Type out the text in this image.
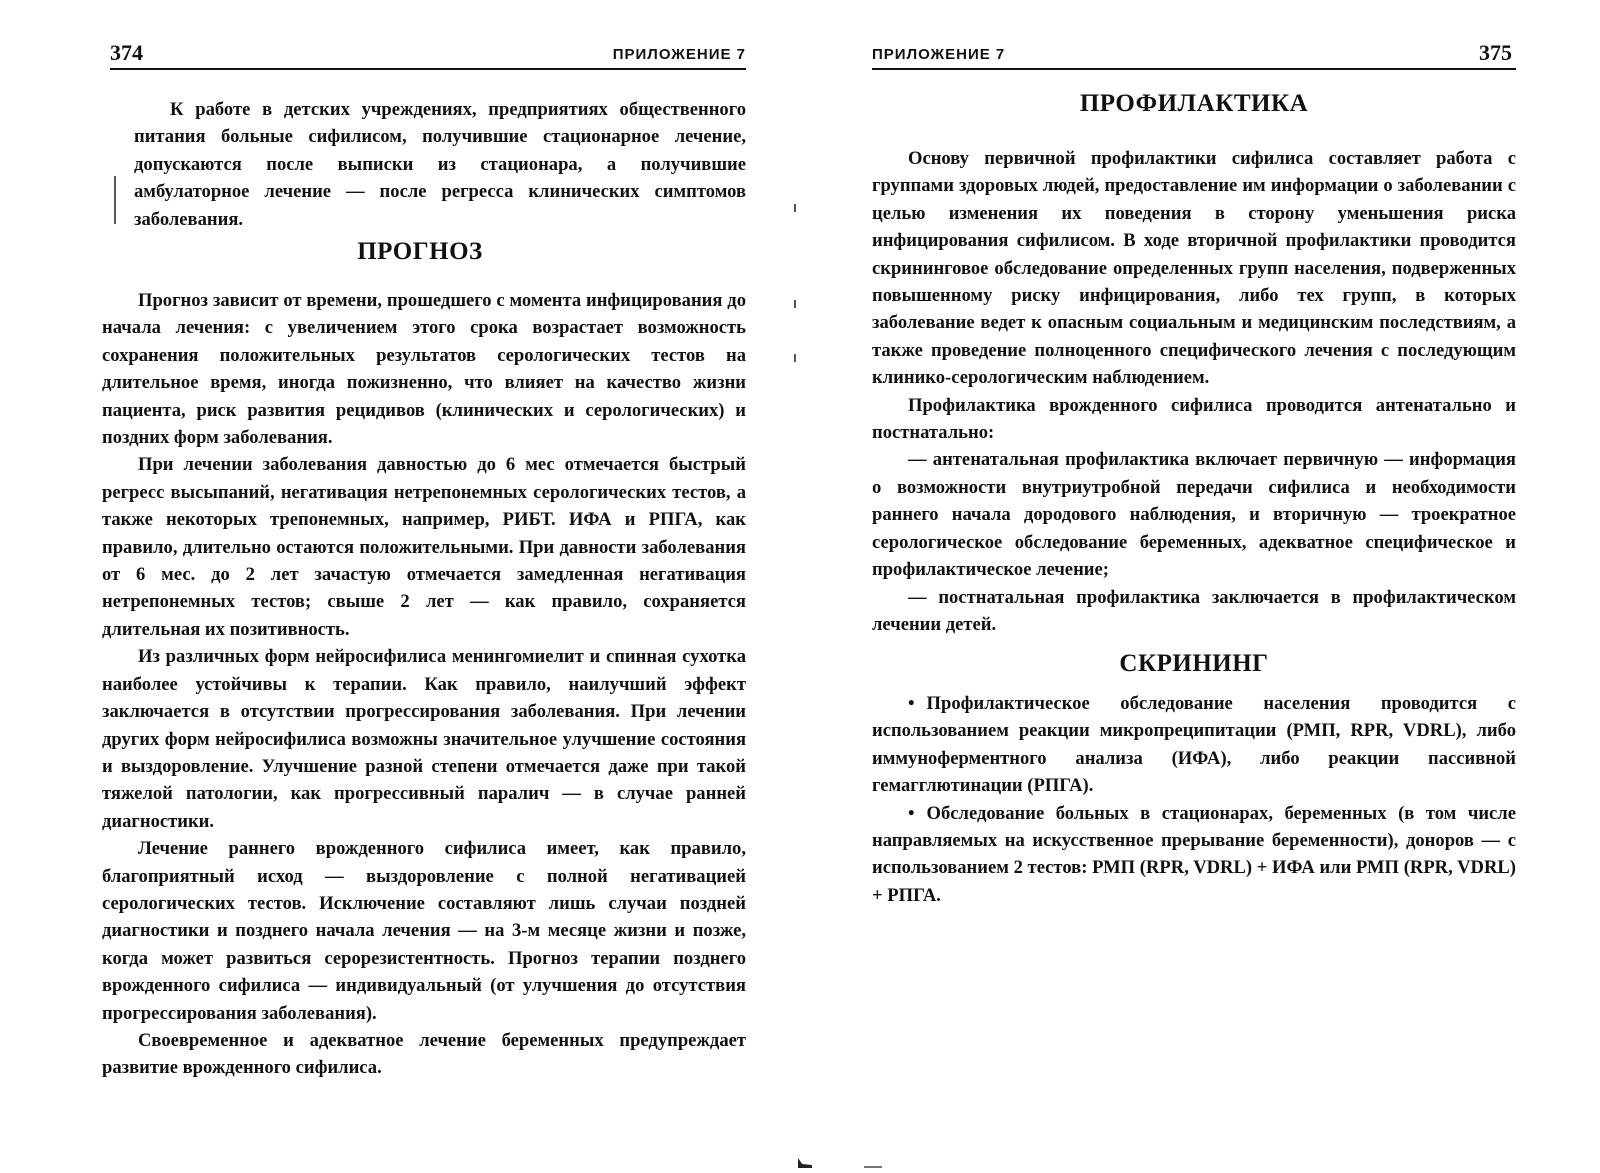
374	ПРИЛОЖЕНИЕ 7

К работе в детских учреждениях, предприятиях общественного питания больные сифилисом, получившие стационарное лечение, допускаются после выписки из стационара, а получившие амбулаторное лечение — после регресса клинических симптомов заболевания.

ПРОГНОЗ

Прогноз зависит от времени, прошедшего с момента инфицирования до начала лечения: с увеличением этого срока возрастает возможность сохранения положительных результатов серологических тестов на длительное время, иногда пожизненно, что влияет на качество жизни пациента, риск развития рецидивов (клинических и серологических) и поздних форм заболевания.

При лечении заболевания давностью до 6 мес отмечается быстрый регресс высыпаний, негативация нетрепонемных серологических тестов, а также некоторых трепонемных, например, РИБТ. ИФА и РПГА, как правило, длительно остаются положительными. При давности заболевания от 6 мес. до 2 лет зачастую отмечается замедленная негативация нетрепонемных тестов; свыше 2 лет — как правило, сохраняется длительная их позитивность.

Из различных форм нейросифилиса менингомиелит и спинная сухотка наиболее устойчивы к терапии. Как правило, наилучший эффект заключается в отсутствии прогрессирования заболевания. При лечении других форм нейросифилиса возможны значительное улучшение состояния и выздоровление. Улучшение разной степени отмечается даже при такой тяжелой патологии, как прогрессивный паралич — в случае ранней диагностики.

Лечение раннего врожденного сифилиса имеет, как правило, благоприятный исход — выздоровление с полной негативацией серологических тестов. Исключение составляют лишь случаи поздней диагностики и позднего начала лечения — на 3-м месяце жизни и позже, когда может развиться серорезистентность. Прогноз терапии позднего врожденного сифилиса — индивидуальный (от улучшения до отсутствия прогрессирования заболевания).

Своевременное и адекватное лечение беременных предупреждает развитие врожденного сифилиса.

ПРИЛОЖЕНИЕ 7	375
ПРОФИЛАКТИКА

Основу первичной профилактики сифилиса составляет работа с группами здоровых людей, предоставление им информации о заболевании с целью изменения их поведения в сторону уменьшения риска инфицирования сифилисом. В ходе вторичной профилактики проводится скрининговое обследование определенных групп населения, подверженных повышенному риску инфицирования, либо тех групп, в которых заболевание ведет к опасным социальным и медицинским последствиям, а также проведение полноценного специфического лечения с последующим клинико-серологическим наблюдением.

Профилактика врожденного сифилиса проводится антенатально и постнатально:

— антенатальная профилактика включает первичную — информация о возможности внутриутробной передачи сифилиса и необходимости раннего начала дородового наблюдения, и вторичную — троекратное серологическое обследование беременных, адекватное специфическое и профилактическое лечение;

— постнатальная профилактика заключается в профилактическом лечении детей.

СКРИНИНГ

• Профилактическое обследование населения проводится с использованием реакции микропреципитации (РМП, RPR, VDRL), либо иммуноферментного анализа (ИФА), либо реакции пассивной гемагглютинации (РПГА).

• Обследование больных в стационарах, беременных (в том числе направляемых на искусственное прерывание беременности), доноров — с использованием 2 тестов: РМП (RPR, VDRL) + ИФА или РМП (RPR, VDRL) + РПГА.
